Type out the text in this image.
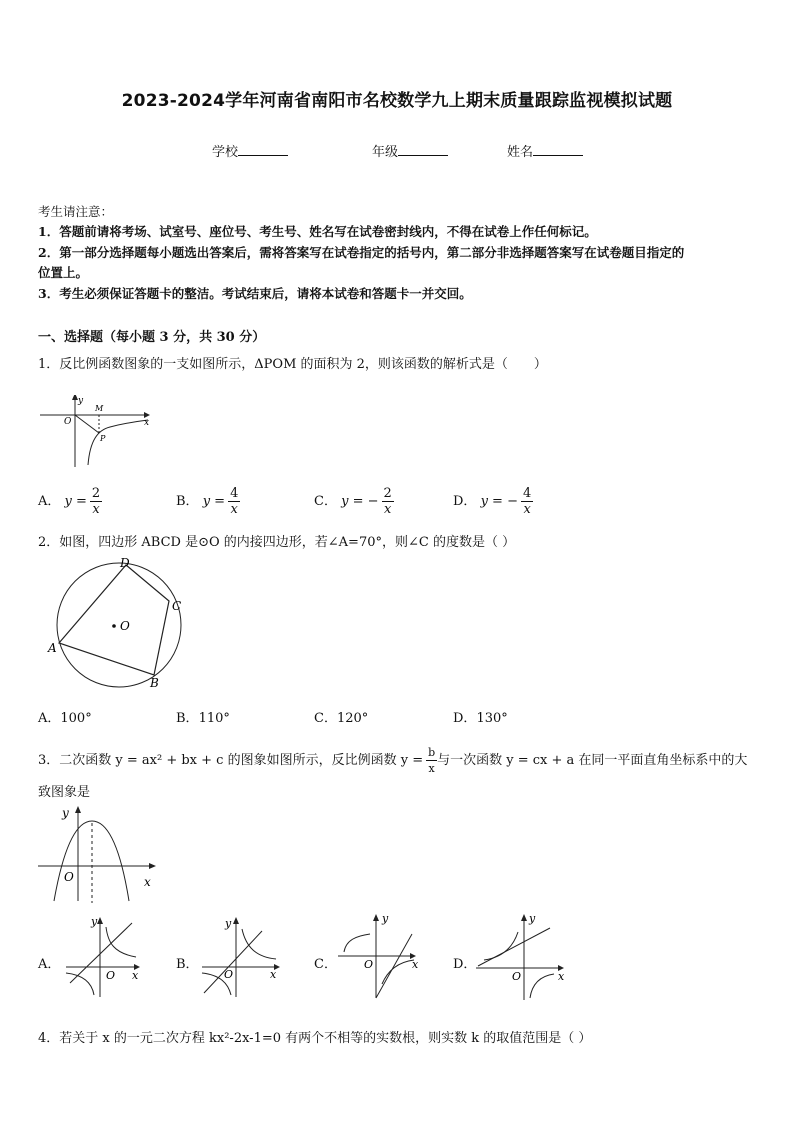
2023-2024学年河南省南阳市名校数学九上期末质量跟踪监视模拟试题
学校	年级	姓名
考生请注意：
1．答题前请将考场、试室号、座位号、考生号、姓名写在试卷密封线内，不得在试卷上作任何标记。
2．第一部分选择题每小题选出答案后，需将答案写在试卷指定的括号内，第二部分非选择题答案写在试卷题目指定的
位置上。
3．考生必须保证答题卡的整洁。考试结束后，请将本试卷和答题卡一并交回。
一、选择题（每小题 3 分，共 30 分）
1．反比例函数图象的一支如图所示，ΔPOM 的面积为 2，则该函数的解析式是（　　）
y
x
O
M
P
A． $y = \frac{2}{x}$	B． $y = \frac{4}{x}$	C． y = − $\frac{2}{x}$	D． y = − $\frac{4}{x}$
2．如图，四边形 ABCD 是⊙O 的内接四边形，若∠A=70°，则∠C 的度数是（ ）
O
A
B
C
D
A．100°	B．110°	C．120°	D．130°
3．二次函数 y = ax² + bx + c 的图象如图所示，反比例函数 $y = \frac{b}{x}$ 与一次函数 y = cx + a 在同一平面直角坐标系中的大
致图象是
y
x
O
A．
y
x
O
B．
y
x
O
C．
y
x
O	D．
y
x
O
4．若关于 x 的一元二次方程 kx²-2x-1=0 有两个不相等的实数根，则实数 k 的取值范围是（ ）
